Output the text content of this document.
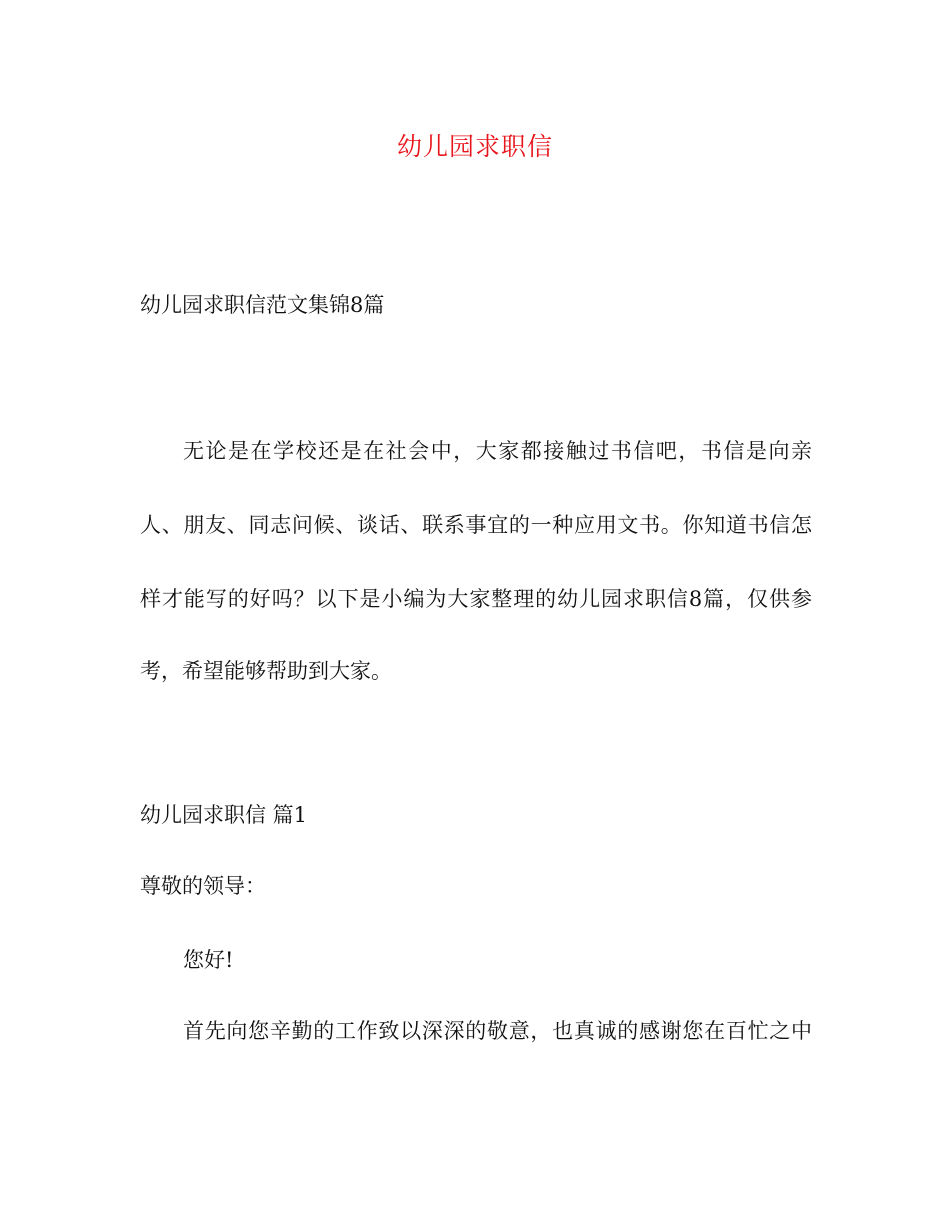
幼儿园求职信
幼儿园求职信范文集锦8篇
无论是在学校还是在社会中，大家都接触过书信吧，书信是向亲
人、朋友、同志问候、谈话、联系事宜的一种应用文书。你知道书信怎
样才能写的好吗？以下是小编为大家整理的幼儿园求职信8篇，仅供参
考，希望能够帮助到大家。
幼儿园求职信 篇1
尊敬的领导：
您好!
首先向您辛勤的工作致以深深的敬意，也真诚的感谢您在百忙之中
